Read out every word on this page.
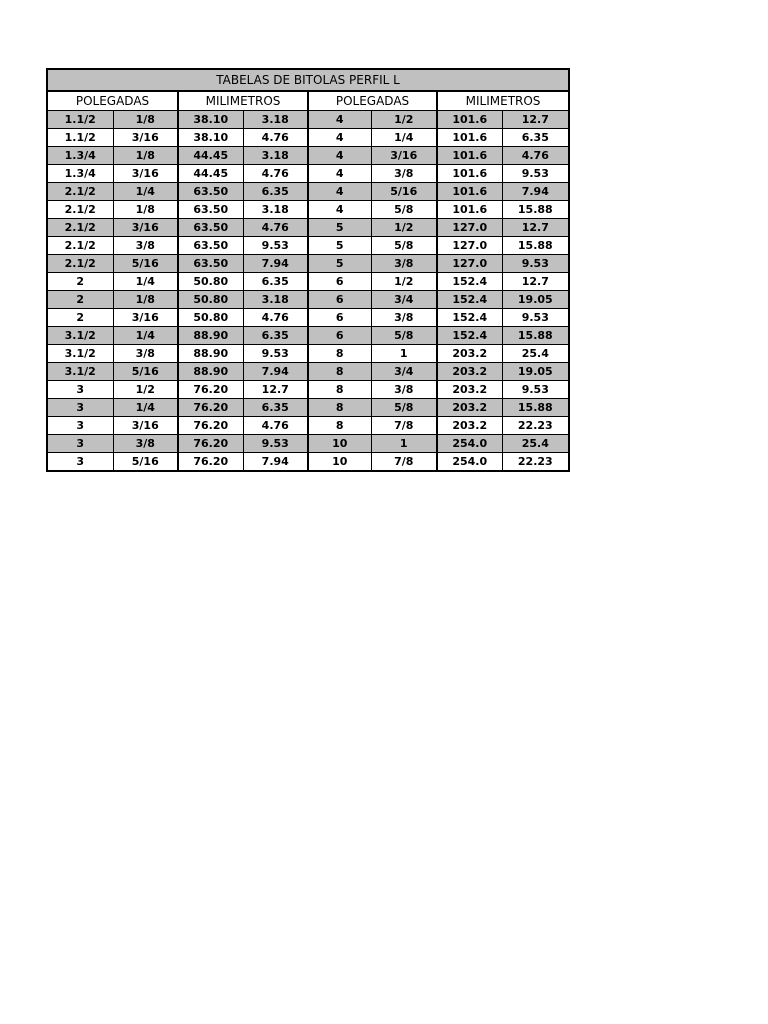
TABELAS DE BITOLAS PERFIL L							
POLEGADAS		MILIMETROS		POLEGADAS		MILIMETROS	
1.1/2	1/8	38.10	3.18	4	1/2	101.6	12.7
1.1/2	3/16	38.10	4.76	4	1/4	101.6	6.35
1.3/4	1/8	44.45	3.18	4	3/16	101.6	4.76
1.3/4	3/16	44.45	4.76	4	3/8	101.6	9.53
2.1/2	1/4	63.50	6.35	4	5/16	101.6	7.94
2.1/2	1/8	63.50	3.18	4	5/8	101.6	15.88
2.1/2	3/16	63.50	4.76	5	1/2	127.0	12.7
2.1/2	3/8	63.50	9.53	5	5/8	127.0	15.88
2.1/2	5/16	63.50	7.94	5	3/8	127.0	9.53
2	1/4	50.80	6.35	6	1/2	152.4	12.7
2	1/8	50.80	3.18	6	3/4	152.4	19.05
2	3/16	50.80	4.76	6	3/8	152.4	9.53
3.1/2	1/4	88.90	6.35	6	5/8	152.4	15.88
3.1/2	3/8	88.90	9.53	8	1	203.2	25.4
3.1/2	5/16	88.90	7.94	8	3/4	203.2	19.05
3	1/2	76.20	12.7	8	3/8	203.2	9.53
3	1/4	76.20	6.35	8	5/8	203.2	15.88
3	3/16	76.20	4.76	8	7/8	203.2	22.23
3	3/8	76.20	9.53	10	1	254.0	25.4
3	5/16	76.20	7.94	10	7/8	254.0	22.23
